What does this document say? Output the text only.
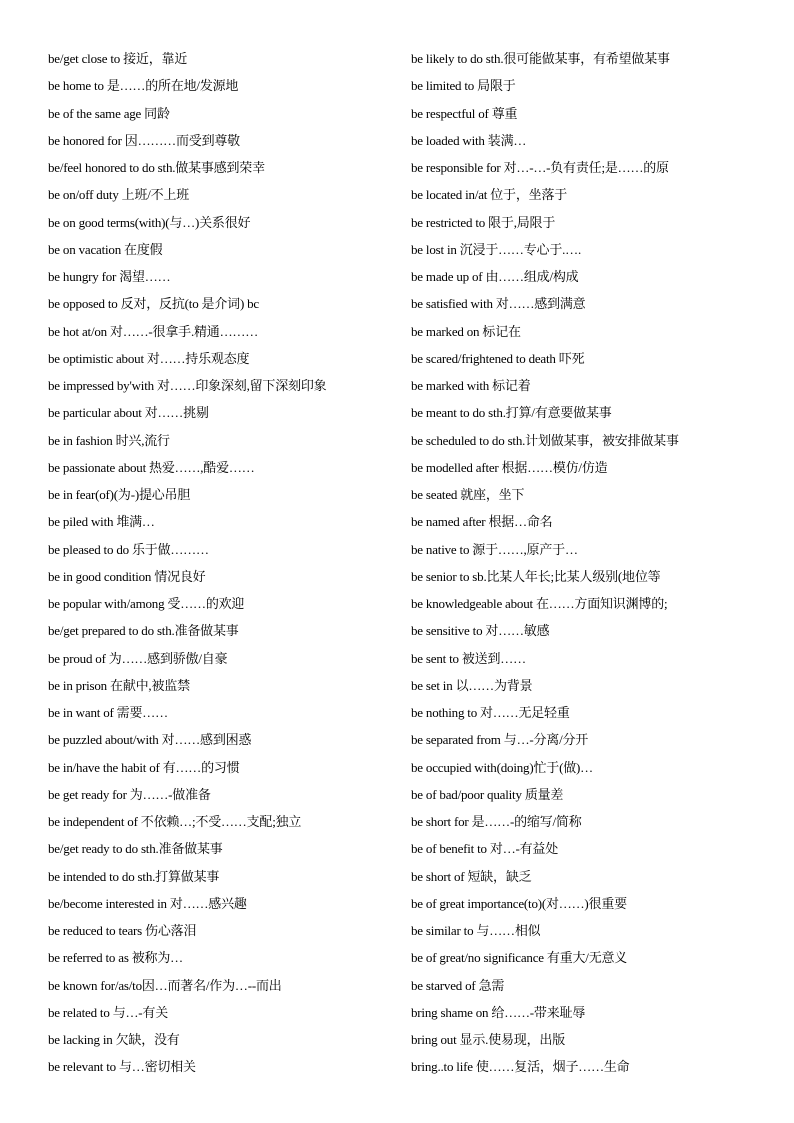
be/get close to 接近，靠近
be home to 是……的所在地/发源地
be of the same age 同龄
be honored for 因………而受到尊敬
be/feel honored to do sth.做某事感到荣幸
be on/off duty 上班/不上班
be on good terms(with)(与…)关系很好
be on vacation 在度假
be hungry for 渴望……
be opposed to 反对，反抗(to 是介词) bc
be hot at/on 对……-很拿手.精通………
be optimistic about 对……持乐观态度
be impressed by'with 对……印象深刻,留下深刻印象
be particular about 对……挑剔
be in fashion 时兴,流行
be passionate about 热爱……,酷爱……
be in fear(of)(为-)提心吊胆
be piled with 堆满…
be pleased to do 乐于做………
be in good condition 情况良好
be popular with/among 受……的欢迎
be/get prepared to do sth.准备做某事
be proud of 为……感到骄傲/自豪
be in prison 在献中,被监禁
be in want of 需要……
be puzzled about/with 对……感到困惑
be in/have the habit of 有……的习惯
be get ready for 为……-做准备
be independent of 不依赖…;不受……支配;独立
be/get ready to do sth.准备做某事
be intended to do sth.打算做某事
be/become interested in 对……感兴趣
be reduced to tears 伤心落泪
be referred to as 被称为…
be known for/as/to因…而著名/作为…--而出
be related to 与…-有关
be lacking in 欠缺，没有
be relevant to 与…密切相关
be likely to do sth.很可能做某事，有希望做某事
be limited to 局限于
be respectful of 尊重
be loaded with 装满…
be responsible for 对…-…-负有责任;是……的原
be located in/at 位于，坐落于
be restricted to 限于,局限于
be lost in 沉浸于……专心于.….
be made up of 由……组成/构成
be satisfied with 对……感到满意
be marked on 标记在
be scared/frightened to death 吓死
be marked with 标记着
be meant to do sth.打算/有意要做某事
be scheduled to do sth.计划做某事，被安排做某事
be modelled after 根据……模仿/仿造
be seated 就座，坐下
be named after 根据…命名
be native to 源于……,原产于…
be senior to sb.比某人年长;比某人级别(地位等
be knowledgeable about 在……方面知识渊博的;
be sensitive to 对……敏感
be sent to 被送到……
be set in 以……为背景
be nothing to 对……无足轻重
be separated from 与…-分离/分开
be occupied with(doing)忙于(做)…
be of bad/poor quality 质量差
be short for 是……-的缩写/简称
be of benefit to 对…-有益处
be short of 短缺，缺乏
be of great importance(to)(对……)很重要
be similar to 与……相似
be of great/no significance 有重大/无意义
be starved of 急需
bring shame on 给……-带来耻辱
bring out 显示.使易现，出版
bring..to life 使……复活，烟子……生命
